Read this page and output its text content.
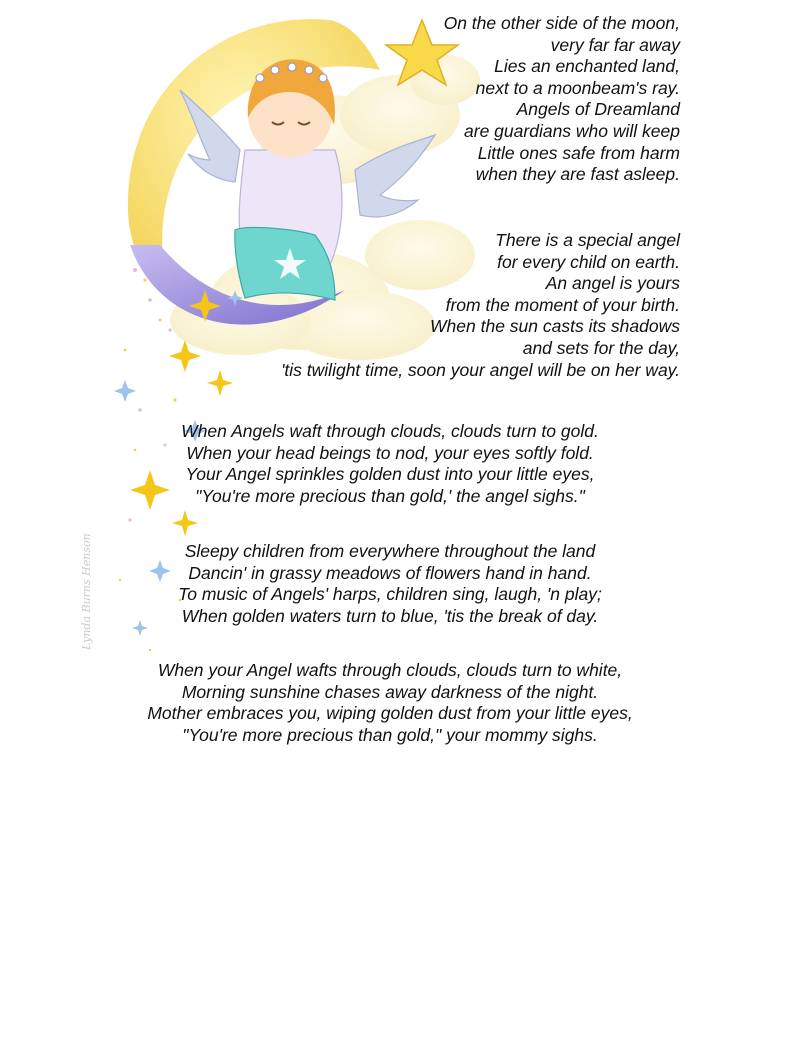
Lynda Burns Henson
On the other side of the moon,
very far far away
Lies an enchanted land,
next to a moonbeam's ray.
Angels of Dreamland
are guardians who will keep
Little ones safe from harm
when they are fast asleep.
There is a special angel
for every child on earth.
An angel is yours
from the moment of your birth.
When the sun casts its shadows
and sets for the day,
'tis twilight time, soon your angel will be on her way.
When Angels waft through clouds, clouds turn to gold.
When your head beings to nod, your eyes softly fold.
Your Angel sprinkles golden dust into your little eyes,
"You're more precious than gold,' the angel sighs."
Sleepy children from everywhere throughout the land
Dancin' in grassy meadows of flowers hand in hand.
To music of Angels' harps, children sing, laugh, 'n play;
When golden waters turn to blue, 'tis the break of day.
When your Angel wafts through clouds, clouds turn to white,
Morning sunshine chases away darkness of the night.
Mother embraces you, wiping golden dust from your little eyes,
"You're more precious than gold," your mommy sighs.
